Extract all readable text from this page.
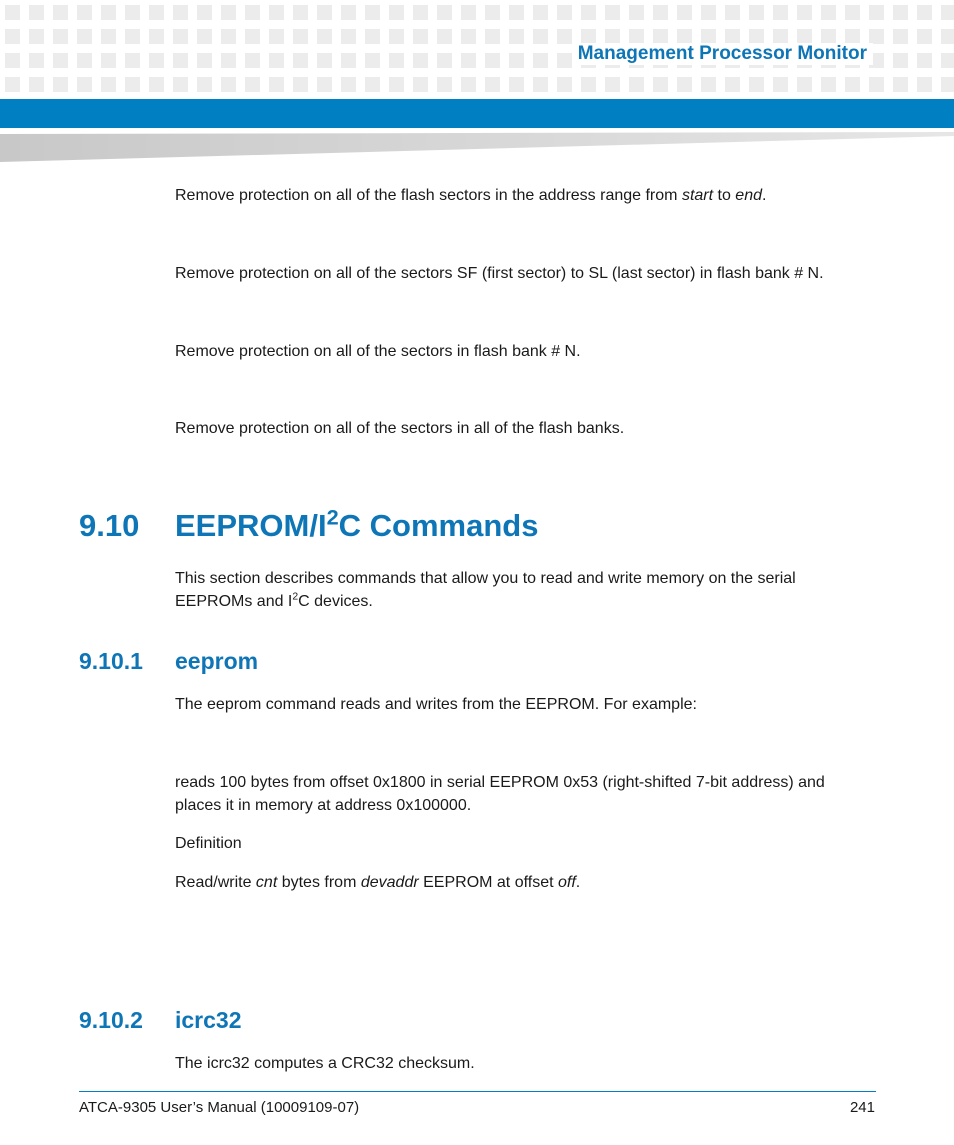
Management Processor Monitor

Remove protection on all of the flash sectors in the address range from start to end.

Remove protection on all of the sectors SF (first sector) to SL (last sector) in flash bank # N.

Remove protection on all of the sectors in flash bank # N.

Remove protection on all of the sectors in all of the flash banks.

9.10 EEPROM/$I^2C$ Commands

This section describes commands that allow you to read and write memory on the serial
EEPROMs and $I^2C$ devices.

9.10.1 eeprom

The eeprom command reads and writes from the EEPROM. For example:

reads 100 bytes from offset 0x1800 in serial EEPROM 0x53 (right-shifted 7-bit address) and
places it in memory at address 0x100000.

Definition

Read/write cnt bytes from devaddr EEPROM at offset off.

9.10.2 icrc32

The icrc32 computes a CRC32 checksum.

ATCA-9305 User’s Manual (10009109-07)	241
